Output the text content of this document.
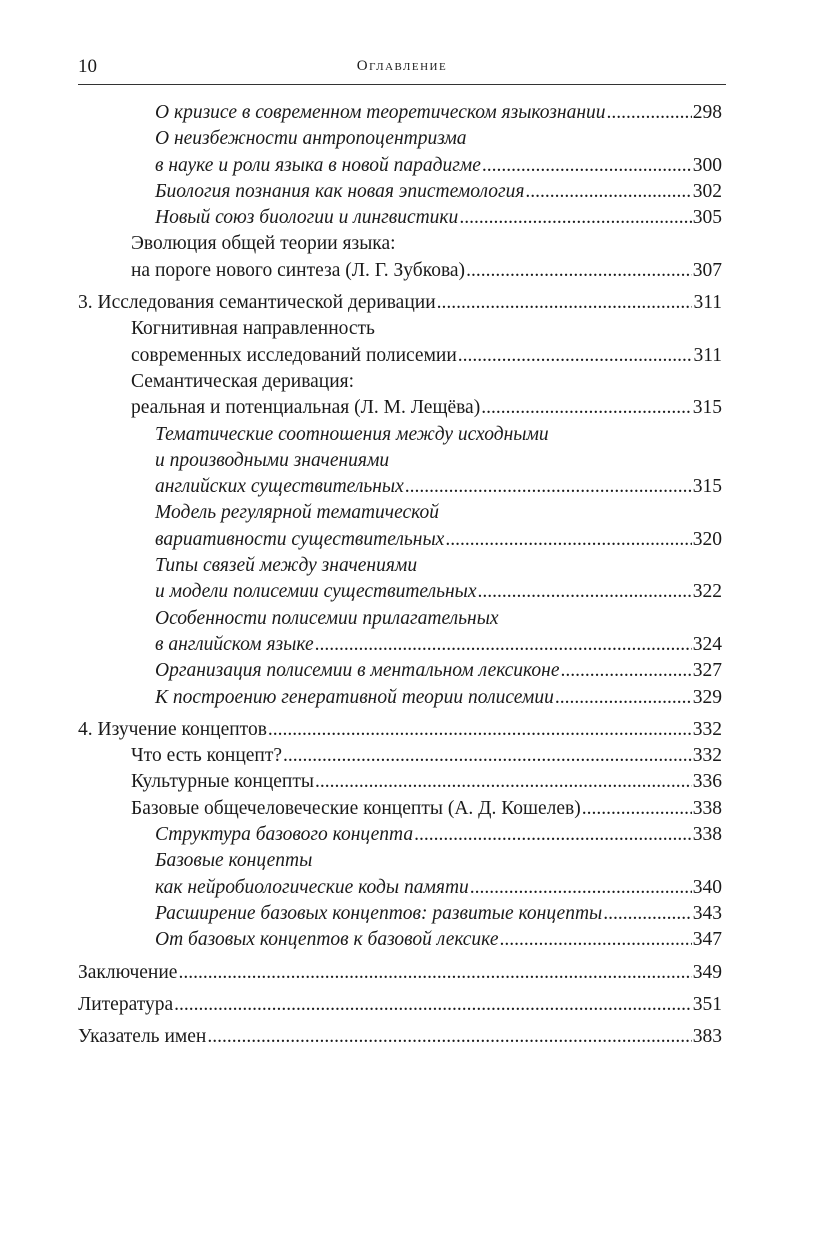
10	Оглавление
О кризисе в современном теоретическом языкознании .....	298
О неизбежности антропоцентризма
в науке и роли языка в новой парадигме .....	300
Биология познания как новая эпистемология .....	302
Новый союз биологии и лингвистики .....	305
Эволюция общей теории языка:
на пороге нового синтеза (Л. Г. Зубкова) .....	307
3. Исследования семантической деривации .....	311
Когнитивная направленность
современных исследований полисемии .....	311
Семантическая деривация:
реальная и потенциальная (Л. М. Лещёва) .....	315
Тематические соотношения между исходными
и производными значениями
английских существительных .....	315
Модель регулярной тематической
вариативности существительных .....	320
Типы связей между значениями
и модели полисемии существительных .....	322
Особенности полисемии прилагательных
в английском языке .....	324
Организация полисемии в ментальном лексиконе .....	327
К построению генеративной теории полисемии .....	329
4. Изучение концептов .....	332
Что есть концепт? .....	332
Культурные концепты .....	336
Базовые общечеловеческие концепты (А. Д. Кошелев) .....	338
Структура базового концепта .....	338
Базовые концепты
как нейробиологические коды памяти .....	340
Расширение базовых концептов: развитые концепты .....	343
От базовых концептов к базовой лексике .....	347
Заключение .....	349
Литература .....	351
Указатель имен .....	383
